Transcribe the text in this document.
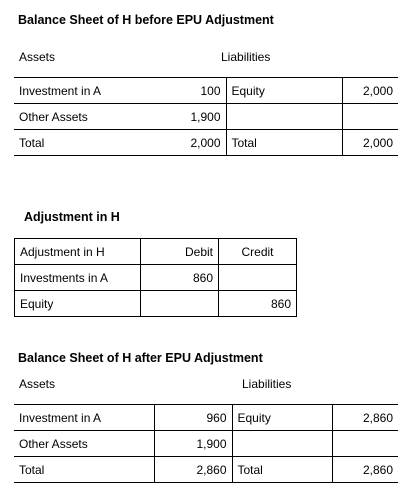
Balance Sheet of H before EPU Adjustment
Assets	Liabilities
Investment in A	100	Equity	2,000
Other Assets	1,900		
Total	2,000	Total	2,000
Adjustment in H
Adjustment in H	Debit	Credit
Investments in A	860	
Equity		860
Balance Sheet of H after EPU Adjustment
Assets	Liabilities
Investment in A	960	Equity	2,860
Other Assets	1,900		
Total	2,860	Total	2,860
